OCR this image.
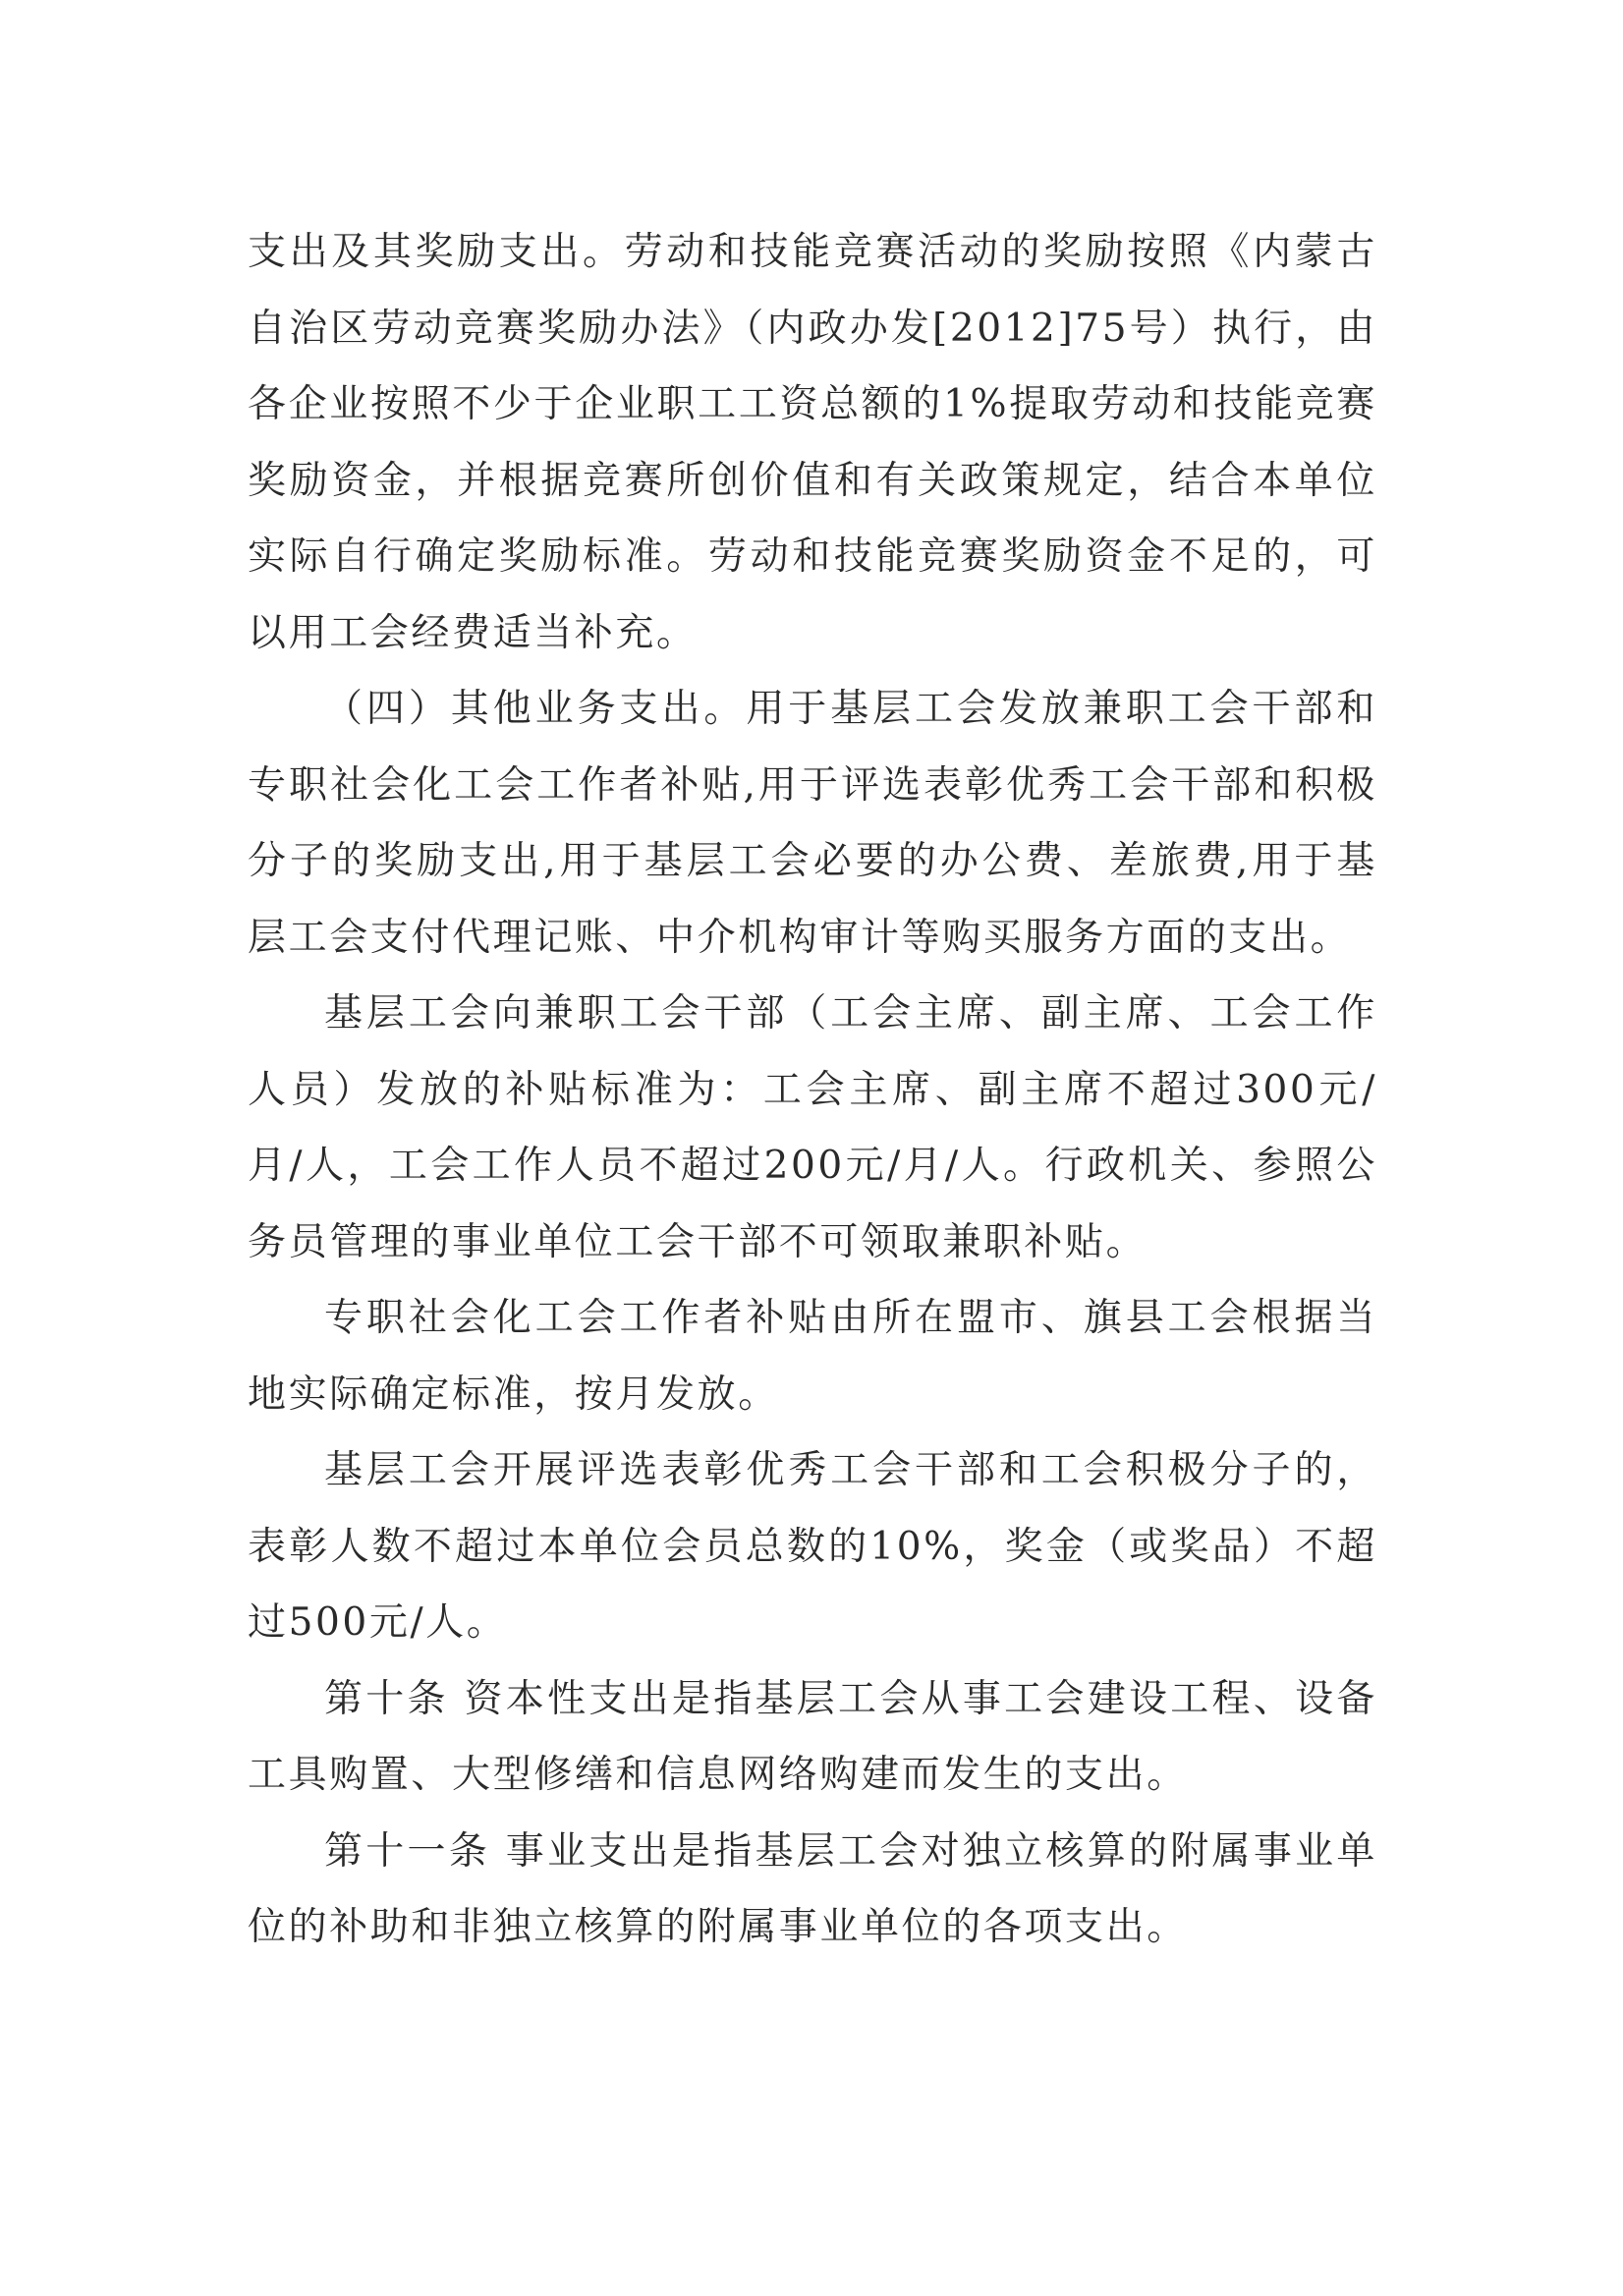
支出及其奖励支出。劳动和技能竞赛活动的奖励按照《内蒙古自治区劳动竞赛奖励办法》（内政办发[2012]75号）执行，由各企业按照不少于企业职工工资总额的1%提取劳动和技能竞赛奖励资金，并根据竞赛所创价值和有关政策规定，结合本单位实际自行确定奖励标准。劳动和技能竞赛奖励资金不足的，可以用工会经费适当补充。

（四）其他业务支出。用于基层工会发放兼职工会干部和专职社会化工会工作者补贴,用于评选表彰优秀工会干部和积极分子的奖励支出,用于基层工会必要的办公费、差旅费,用于基层工会支付代理记账、中介机构审计等购买服务方面的支出。

基层工会向兼职工会干部（工会主席、副主席、工会工作人员）发放的补贴标准为：工会主席、副主席不超过300元/月/人，工会工作人员不超过200元/月/人。行政机关、参照公务员管理的事业单位工会干部不可领取兼职补贴。

专职社会化工会工作者补贴由所在盟市、旗县工会根据当地实际确定标准，按月发放。

基层工会开展评选表彰优秀工会干部和工会积极分子的，表彰人数不超过本单位会员总数的10%，奖金（或奖品）不超过500元/人。

第十条 资本性支出是指基层工会从事工会建设工程、设备工具购置、大型修缮和信息网络购建而发生的支出。

第十一条 事业支出是指基层工会对独立核算的附属事业单位的补助和非独立核算的附属事业单位的各项支出。
